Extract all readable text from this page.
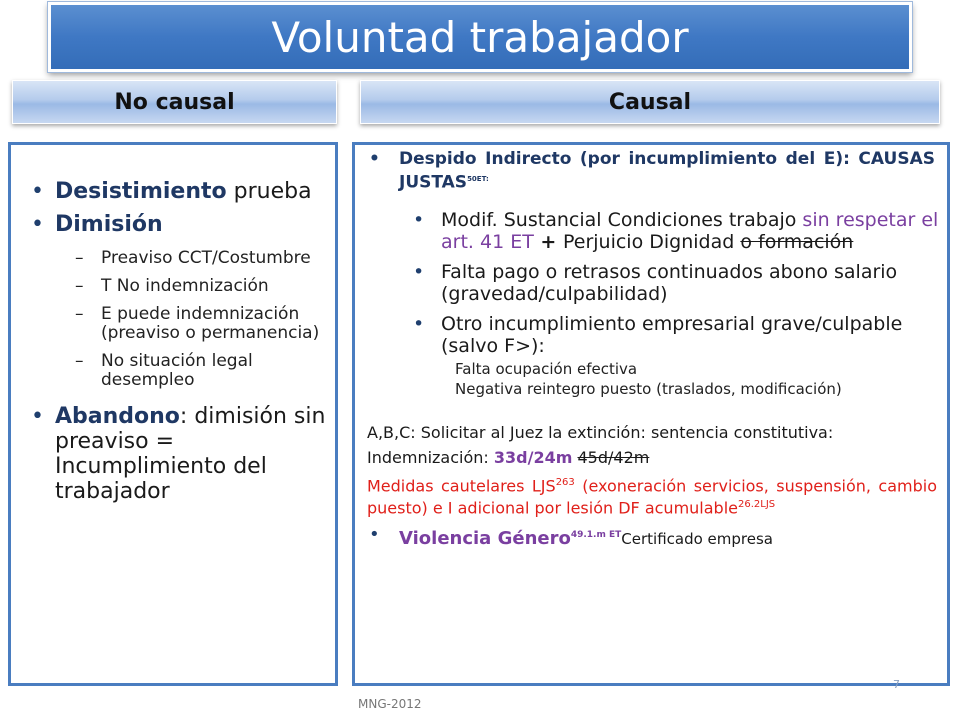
Voluntad trabajador
No causal	Causal
• Desistimiento prueba
• Dimisión
– Preaviso CCT/Costumbre
– T No indemnización
– E puede indemnización (preaviso o permanencia)
– No situación legal desempleo
• Abandono: dimisión sin preaviso = Incumplimiento del trabajador
• Despido Indirecto (por incumplimiento del E): CAUSAS $JUSTAS^{50ET:}$
• Modif. Sustancial Condiciones trabajo sin respetar el art. 41 ET + Perjuicio Dignidad o formación
• Falta pago o retrasos continuados abono salario (gravedad/culpabilidad)
• Otro incumplimiento empresarial grave/culpable (salvo F>):
Falta ocupación efectiva
Negativa reintegro puesto (traslados, modificación)
A,B,C: Solicitar al Juez la extinción: sentencia constitutiva:
Indemnización: 33d/24m 45d/42m
Medidas cautelares LJS$^{263}$ (exoneración servicios, suspensión, cambio puesto) e I adicional por lesión DF acumulable$^{26.2LJS}$
• Violencia Género$^{49.1.m ET}$Certificado empresa
7
MNG-2012
